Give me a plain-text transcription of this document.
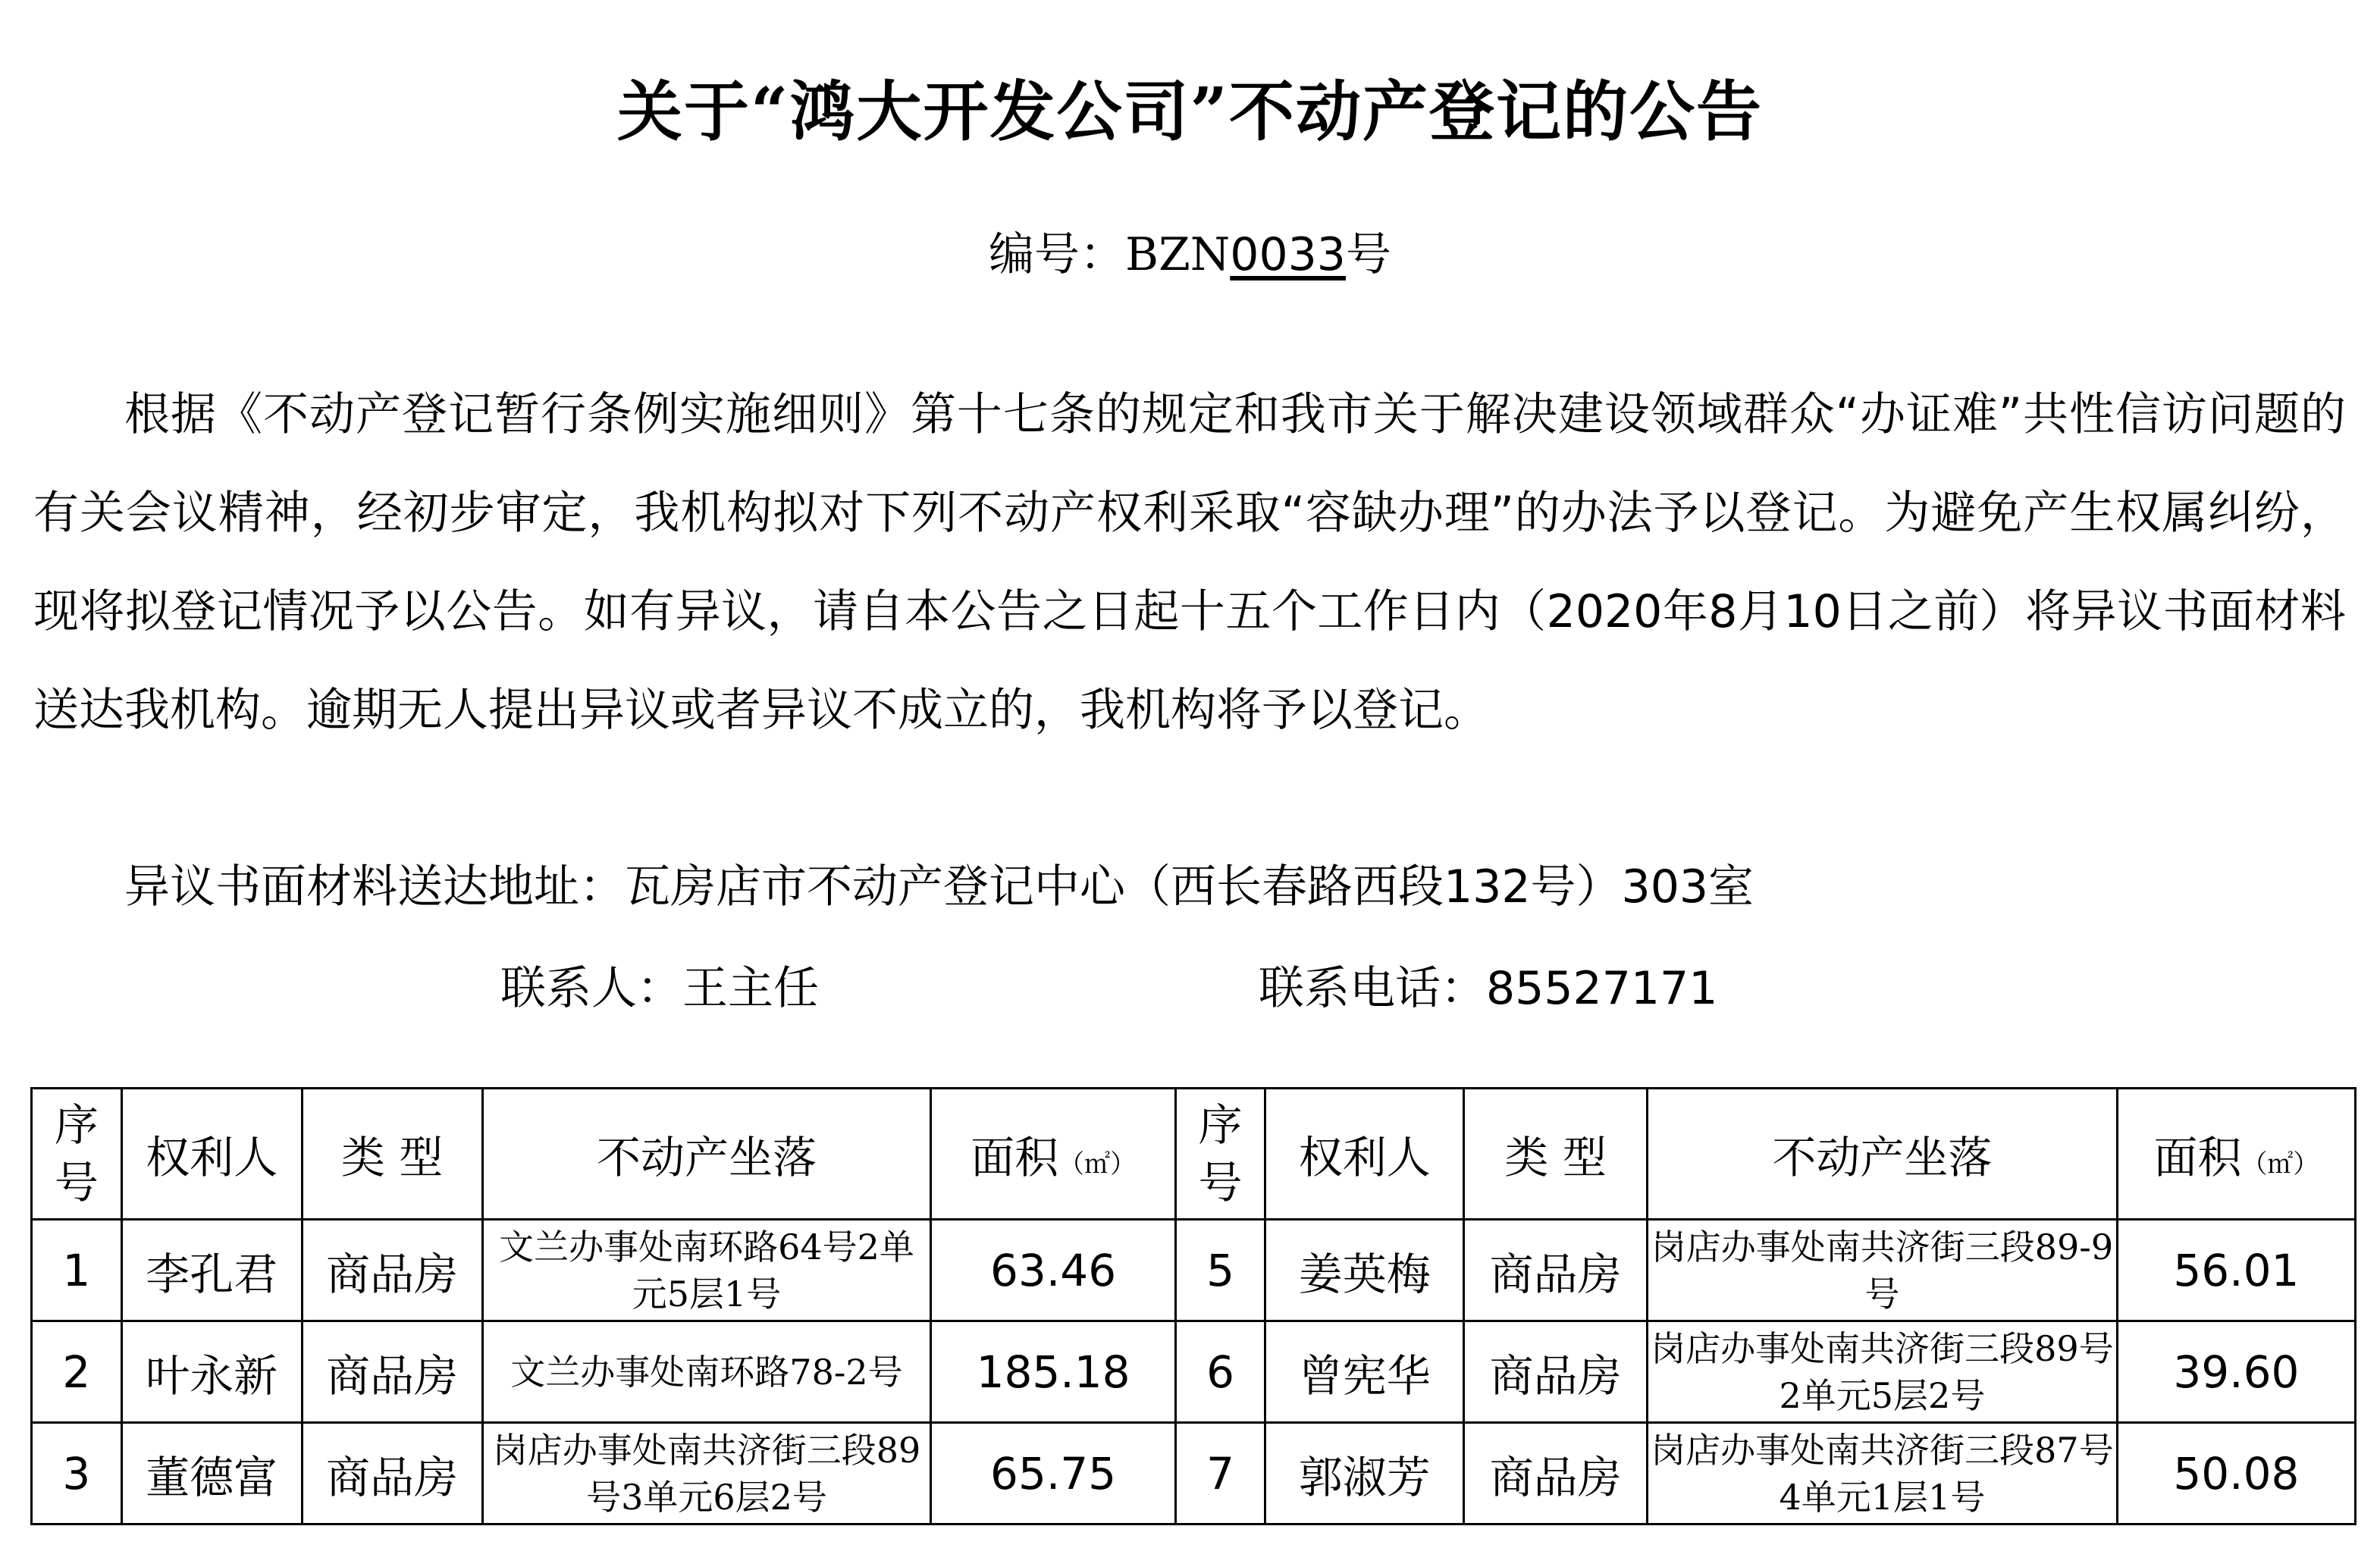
关于“鸿大开发公司”不动产登记的公告
编号：BZN0033号

根据《不动产登记暂行条例实施细则》第十七条的规定和我市关于解决建设领域群众“办证难”共性信访问题的有关会议精神，经初步审定，我机构拟对下列不动产权利采取“容缺办理”的办法予以登记。为避免产生权属纠纷，现将拟登记情况予以公告。如有异议，请自本公告之日起十五个工作日内（2020年8月10日之前）将异议书面材料送达我机构。逾期无人提出异议或者异议不成立的，我机构将予以登记。

异议书面材料送达地址：瓦房店市不动产登记中心（西长春路西段132号）303室

联系人：王主任	联系电话：85527171
序号	权利人	类 型	不动产坐落	面积（㎡）	序号	权利人	类 型	不动产坐落	面积（㎡）
1	李孔君	商品房	文兰办事处南环路64号2单元5层1号	63.46	5	姜英梅	商品房	岗店办事处南共济街三段89-9号	56.01
2	叶永新	商品房	文兰办事处南环路78-2号	185.18	6	曾宪华	商品房	岗店办事处南共济街三段89号2单元5层2号	39.60
3	董德富	商品房	岗店办事处南共济街三段89号3单元6层2号	65.75	7	郭淑芳	商品房	岗店办事处南共济街三段87号4单元1层1号	50.08
